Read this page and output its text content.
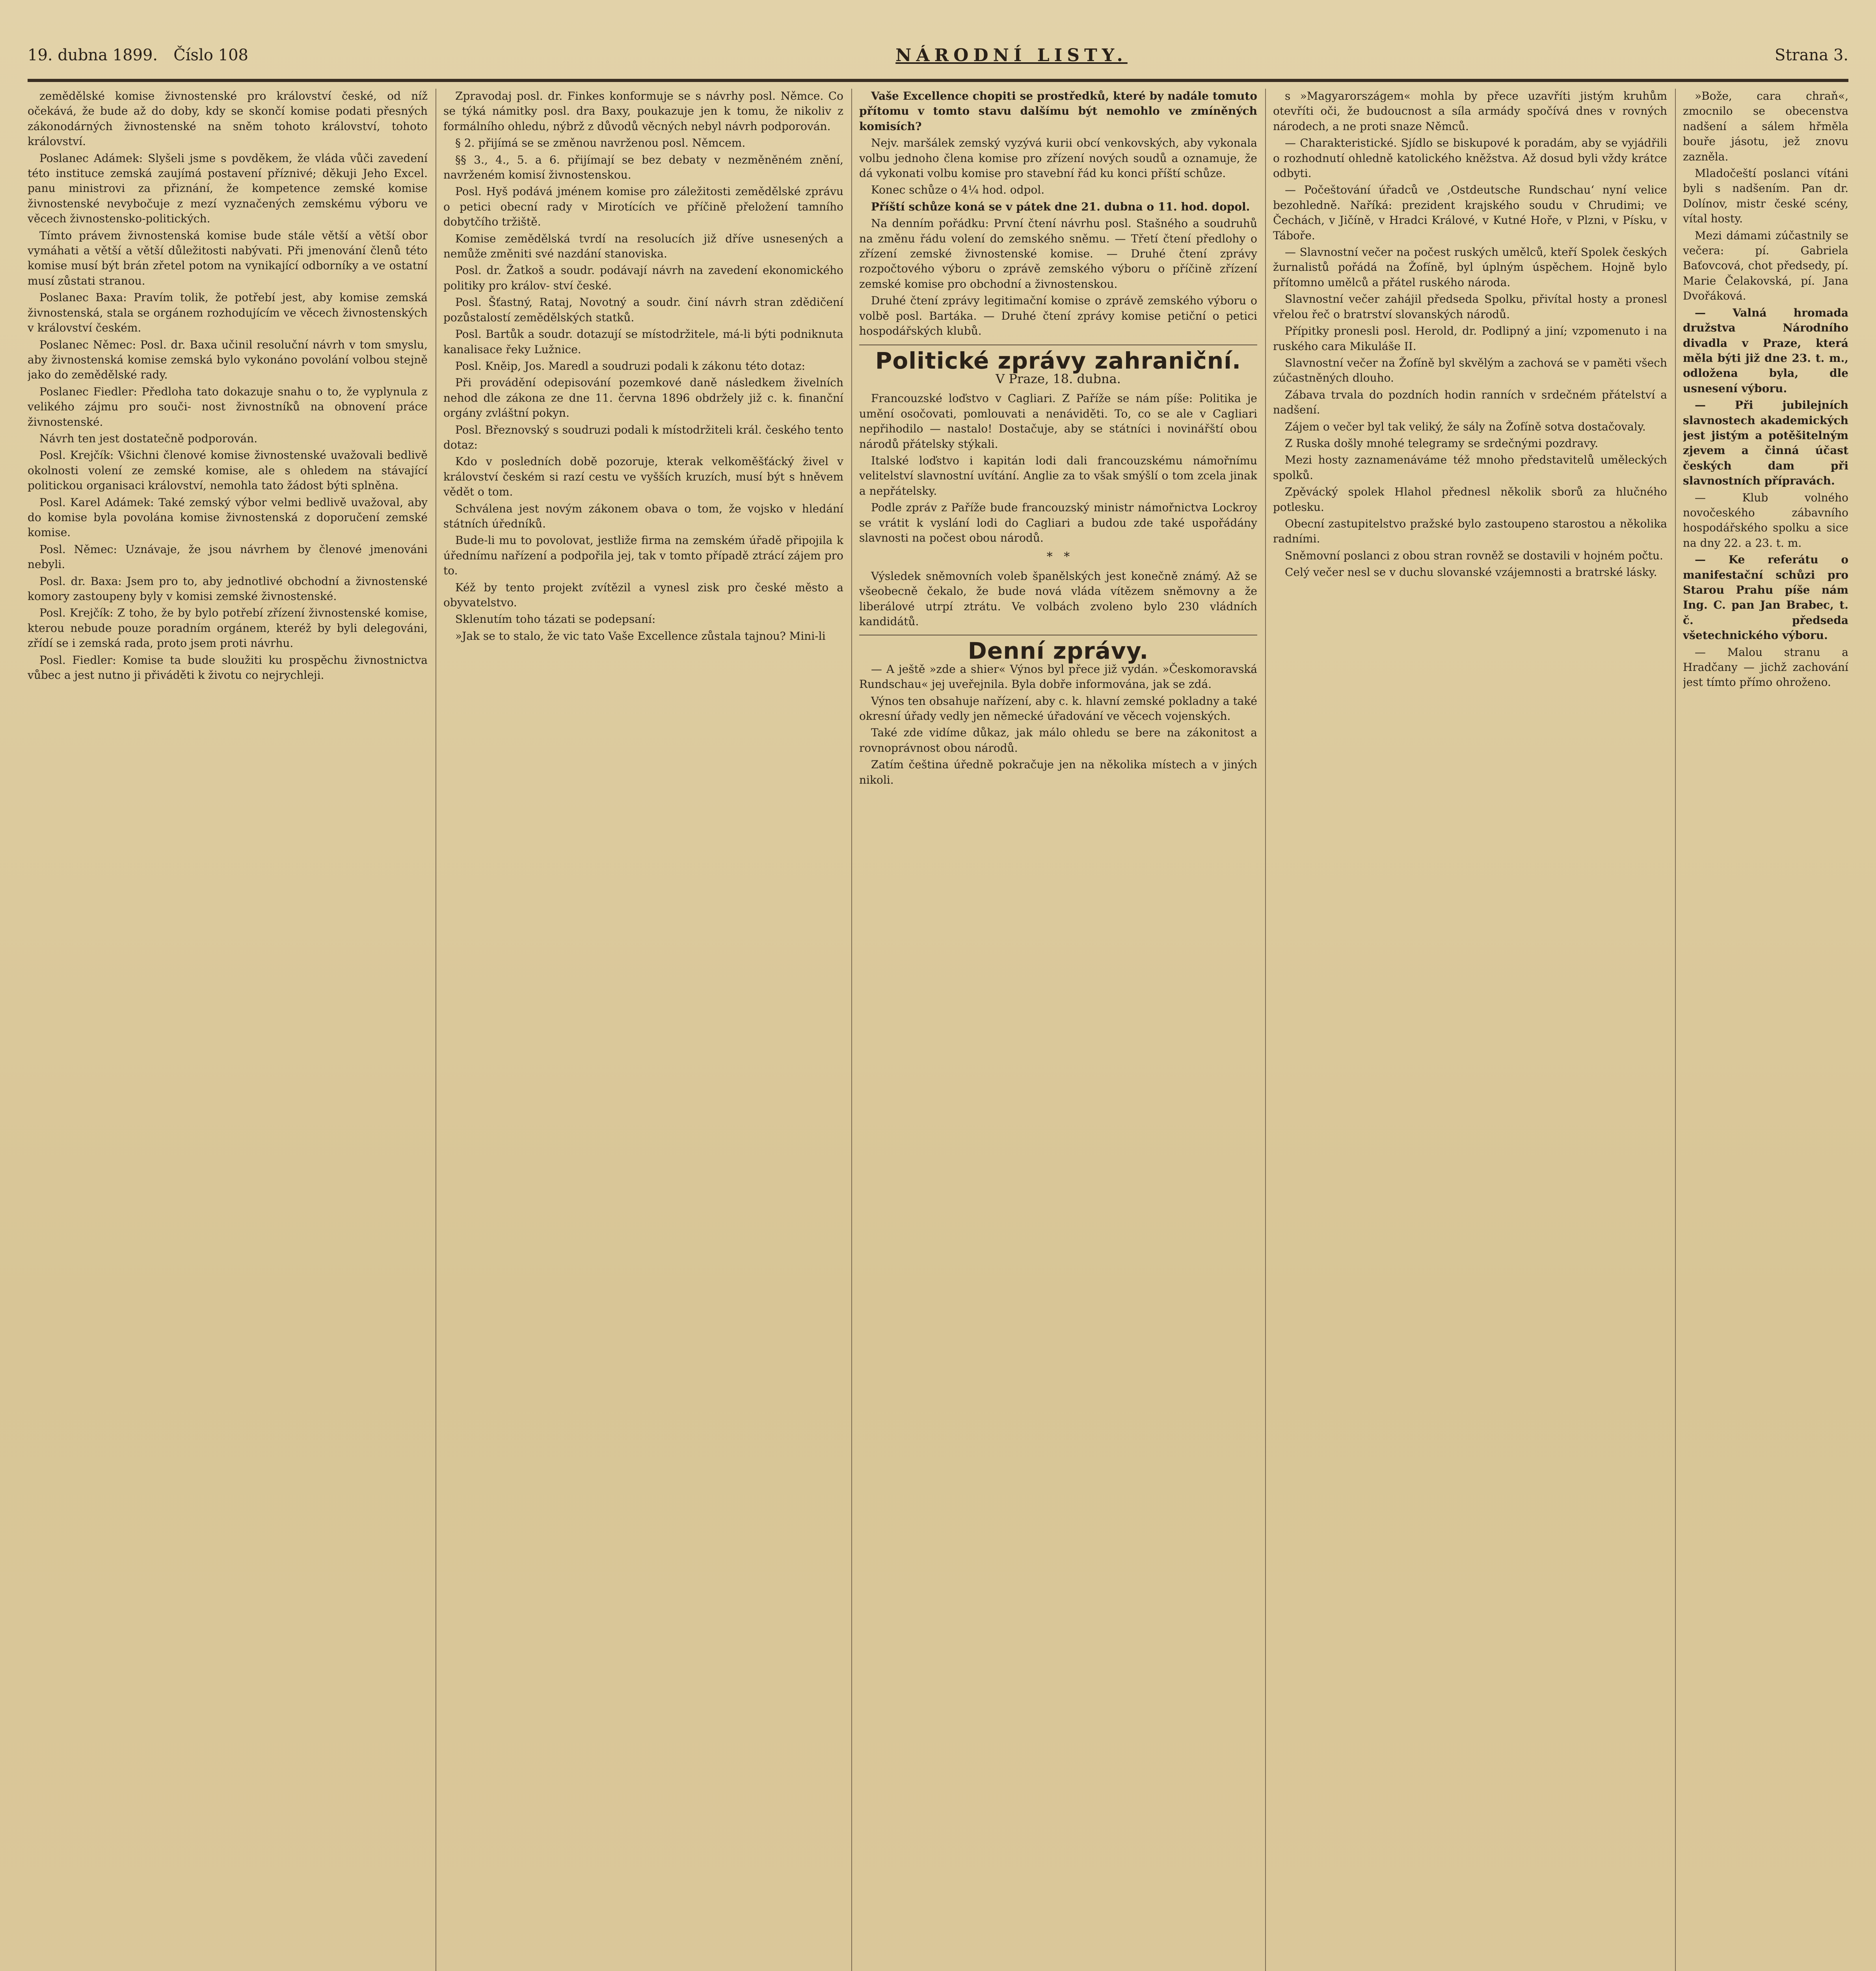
19. dubna 1899. Číslo 108	NÁRODNÍ LISTY.	Strana 3.

zemědělské komise živnostenské pro království české, od níž očekává, že bude až do doby, kdy se skončí komise podati přesných zákonodárných živnostenské na sněm tohoto království, tohoto království.

Poslanec Adámek: Slyšeli jsme s povděkem, že vláda vůči zavedení této instituce zemská zaujímá postavení příznivé; děkuji Jeho Excel. panu ministrovi za přiznání, že kompetence zemské komise živnostenské nevybočuje z mezí vyznačených zemskému výboru ve věcech živnostensko-politických.

Tímto právem živnostenská komise bude stále větší a větší obor vymáhati a větší a větší důležitosti nabývati. Při jmenování členů této komise musí být brán zřetel potom na vynikající odborníky a ve ostatní musí zůstati stranou.

Poslanec Baxa: Pravím tolik, že potřebí jest, aby komise zemská živnostenská, stala se orgánem rozhodujícím ve věcech živnostenských v království českém.

Poslanec Němec: Posl. dr. Baxa učinil resoluční návrh v tom smyslu, aby živnostenská komise zemská bylo vykonáno povolání volbou stejně jako do zemědělské rady.

Poslanec Fiedler: Předloha tato dokazuje snahu o to, že vyplynula z velikého zájmu pro souči- nost živnostníků na obnovení práce živnostenské.

Návrh ten jest dostatečně podporován.

Posl. Krejčík: Všichni členové komise živnostenské uvažovali bedlivě okolnosti volení ze zemské komise, ale s ohledem na stávající politickou organisaci království, nemohla tato žádost býti splněna.

Posl. Karel Adámek: Také zemský výbor velmi bedlivě uvažoval, aby do komise byla povolána komise živnostenská z doporučení zemské komise.

Posl. Němec: Uznávaje, že jsou návrhem by členové jmenováni nebyli.

Posl. dr. Baxa: Jsem pro to, aby jednotlivé obchodní a živnostenské komory zastoupeny byly v komisi zemské živnostenské.

Posl. Krejčík: Z toho, že by bylo potřebí zřízení živnostenské komise, kterou nebude pouze poradním orgánem, kteréž by byli delegováni, zřídí se i zemská rada, proto jsem proti návrhu.

Posl. Fiedler: Komise ta bude sloužiti ku prospěchu živnostnictva vůbec a jest nutno ji přiváděti k životu co nejrychleji.

Zpravodaj posl. dr. Finkes konformuje se s návrhy posl. Němce. Co se týká námitky posl. dra Baxy, poukazuje jen k tomu, že nikoliv z formálního ohledu, nýbrž z důvodů věcných nebyl návrh podporován.

§ 2. přijímá se se změnou navrženou posl. Němcem.

§§ 3., 4., 5. a 6. přijímají se bez debaty v nezměněném znění, navrženém komisí živnostenskou.

Posl. Hyš podává jménem komise pro záležitosti zemědělské zprávu o petici obecní rady v Mirotících ve příčině přeložení tamního dobytčího tržiště.

Komise zemědělská tvrdí na resolucích již dříve usnesených a nemůže změniti své nazdání stanoviska.

Posl. dr. Žatkoš a soudr. podávají návrh na zavedení ekonomického politiky pro králov- ství české.

Posl. Šťastný, Rataj, Novotný a soudr. činí návrh stran zdědičení pozůstalostí zemědělských statků.

Posl. Bartůk a soudr. dotazují se místodržitele, má-li býti podniknuta kanalisace řeky Lužnice.

Posl. Kněip, Jos. Maredl a soudruzi podali k zákonu této dotaz:

Při provádění odepisování pozemkové daně následkem živelních nehod dle zákona ze dne 11. června 1896 obdržely již c. k. finanční orgány zvláštní pokyn.

Posl. Březnovský s soudruzi podali k místodržiteli král. českého tento dotaz:

Kdo v posledních době pozoruje, kterak velkoměšťácký živel v království českém si razí cestu ve vyšších kruzích, musí být s hněvem vědět o tom.

Schválena jest novým zákonem obava o tom, že vojsko v hledání státních úředníků.

Bude-li mu to povolovat, jestliže firma na zemském úřadě připojila k úřednímu nařízení a podpořila jej, tak v tomto případě ztrácí zájem pro to.

Kéž by tento projekt zvítězil a vynesl zisk pro české město a obyvatelstvo.

Sklenutím toho tázati se podepsaní:

»Jak se to stalo, že vic tato Vaše Excellence zůstala tajnou? Mini-li

Vaše Excellence chopiti se prostředků, které by nadále tomuto přítomu v tomto stavu dalšímu být nemohlo ve zmíněných komisích?

Nejv. maršálek zemský vyzývá kurii obcí venkovských, aby vykonala volbu jednoho člena komise pro zřízení nových soudů a oznamuje, že dá vykonati volbu komise pro stavební řád ku konci příští schůze.

Konec schůze o 4¼ hod. odpol.

Příští schůze koná se v pátek dne 21. dubna o 11. hod. dopol.

Na denním pořádku: První čtení návrhu posl. Stašného a soudruhů na změnu řádu volení do zemského sněmu. — Třetí čtení předlohy o zřízení zemské živnostenské komise. — Druhé čtení zprávy rozpočtového výboru o zprávě zemského výboru o příčině zřízení zemské komise pro obchodní a živnostenskou.

Druhé čtení zprávy legitimační komise o zprávě zemského výboru o volbě posl. Bartáka. — Druhé čtení zprávy komise petiční o petici hospodářských klubů.

Politické zprávy zahraniční.
V Praze, 18. dubna.

Francouzské loďstvo v Cagliari. Z Paříže se nám píše: Politika je umění osočovati, pomlouvati a nenáviděti. To, co se ale v Cagliari nepřihodilo — nastalo! Dostačuje, aby se státníci i novinářští obou národů přátelsky stýkali.

Italské loďstvo i kapitán lodi dali francouzskému námořnímu velitelství slavnostní uvítání. Anglie za to však smýšlí o tom zcela jinak a nepřátelsky.

Podle zpráv z Paříže bude francouzský ministr námořnictva Lockroy se vrátit k vyslání lodi do Cagliari a budou zde také uspořádány slavnosti na počest obou národů.

*   *

Výsledek sněmovních voleb španělských jest konečně známý. Až se všeobecně čekalo, že bude nová vláda vítězem sněmovny a že liberálové utrpí ztrátu. Ve volbách zvoleno bylo 230 vládních kandidátů.

Denní zprávy.

— A ještě »zde a shier« Výnos byl přece již vydán. »Českomoravská Rundschau« jej uveřejnila. Byla dobře informována, jak se zdá.

Výnos ten obsahuje nařízení, aby c. k. hlavní zemské pokladny a také okresní úřady vedly jen německé úřadování ve věcech vojenských.

Také zde vidíme důkaz, jak málo ohledu se bere na zákonitost a rovnoprávnost obou národů.

Zatím čeština úředně pokračuje jen na několika místech a v jiných nikoli.

s »Magyarországem« mohla by přece uzavříti jistým kruhům otevříti oči, že budoucnost a síla armády spočívá dnes v rovných národech, a ne proti snaze Němců.

— Charakteristické. Sjídlo se biskupové k poradám, aby se vyjádřili o rozhodnutí ohledně katolického kněžstva. Až dosud byli vždy krátce odbyti.

— Počeštování úřadců ve ‚Ostdeutsche Rundschau‘ nyní velice bezohledně. Naříká: prezident krajského soudu v Chrudimi; ve Čechách, v Jičíně, v Hradci Králové, v Kutné Hoře, v Plzni, v Písku, v Táboře.

— Slavnostní večer na počest ruských umělců, kteří Spolek českých žurnalistů pořádá na Žofíně, byl úplným úspěchem. Hojně bylo přítomno umělců a přátel ruského národa.

Slavnostní večer zahájil předseda Spolku, přivítal hosty a pronesl vřelou řeč o bratrství slovanských národů.

Přípitky pronesli posl. Herold, dr. Podlipný a jiní; vzpomenuto i na ruského cara Mikuláše II.

Slavnostní večer na Žofíně byl skvělým a zachová se v paměti všech zúčastněných dlouho.

Zábava trvala do pozdních hodin ranních v srdečném přátelství a nadšení.

Zájem o večer byl tak veliký, že sály na Žofíně sotva dostačovaly.

Z Ruska došly mnohé telegramy se srdečnými pozdravy.

Mezi hosty zaznamenáváme též mnoho představitelů uměleckých spolků.

Zpěvácký spolek Hlahol přednesl několik sborů za hlučného potlesku.

Obecní zastupitelstvo pražské bylo zastoupeno starostou a několika radními.

Sněmovní poslanci z obou stran rovněž se dostavili v hojném počtu.

Celý večer nesl se v duchu slovanské vzájemnosti a bratrské lásky.

»Bože, cara chraň«, zmocnilo se obecenstva nadšení a sálem hřměla bouře jásotu, jež znovu zazněla.

Mladočeští poslanci vítáni byli s nadšením. Pan dr. Dolínov, mistr české scény, vítal hosty.

Mezi dámami zúčastnily se večera: pí. Gabriela Baťovcová, chot předsedy, pí. Marie Čelakovská, pí. Jana Dvořáková.

— Valná hromada družstva Národního divadla v Praze, která měla býti již dne 23. t. m., odložena byla, dle usnesení výboru.

— Při jubilejních slavnostech akademických jest jistým a potěšitelným zjevem a činná účast českých dam při slavnostních přípravách.

— Klub volného novočeského zábavního hospodářského spolku a sice na dny 22. a 23. t. m.

— Ke referátu o manifestační schůzi pro Starou Prahu píše nám Ing. C. pan Jan Brabec, t. č. předseda všetechnického výboru.

— Malou stranu a Hradčany — jichž zachování jest tímto přímo ohroženo.
